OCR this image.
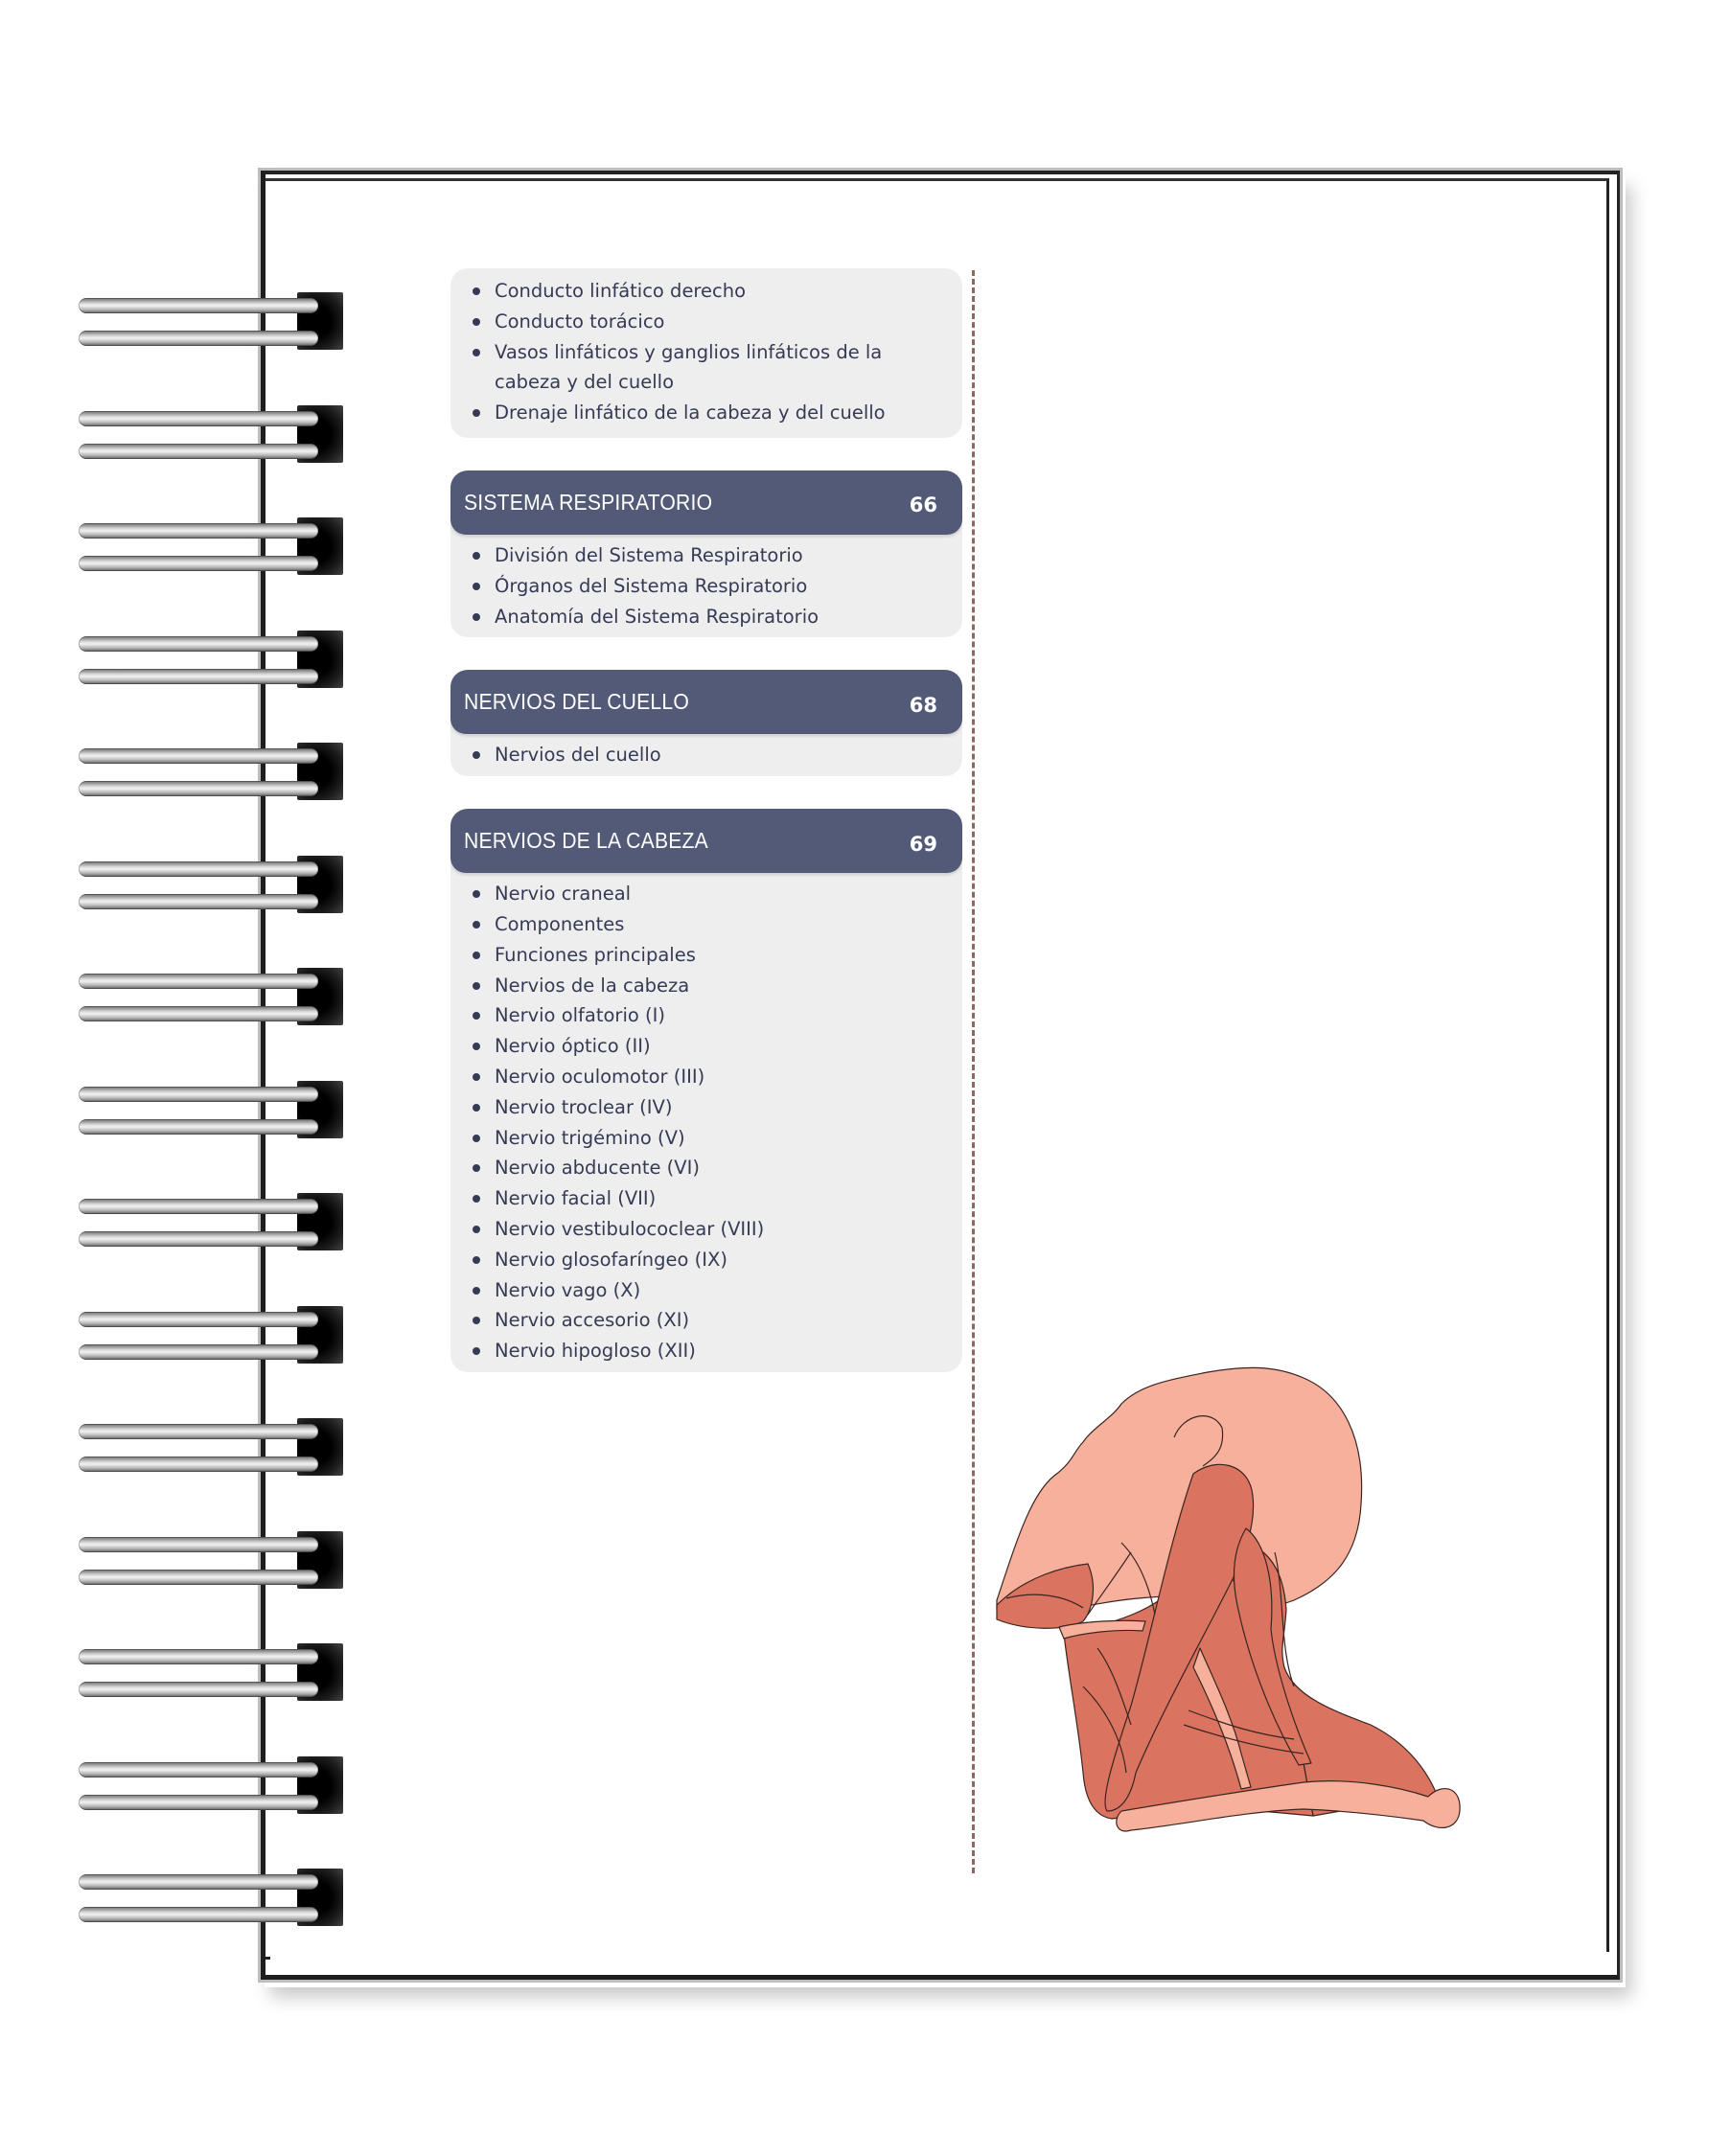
Conducto linfático derecho
Conducto torácico
Vasos linfáticos y ganglios linfáticos de la cabeza y del cuello
Drenaje linfático de la cabeza y del cuello
SISTEMA RESPIRATORIO	66
División del Sistema Respiratorio
Órganos del Sistema Respiratorio
Anatomía del Sistema Respiratorio
NERVIOS DEL CUELLO	68
Nervios del cuello
NERVIOS DE LA CABEZA	69
Nervio craneal
Componentes
Funciones principales
Nervios de la cabeza
Nervio olfatorio (I)
Nervio óptico (II)
Nervio oculomotor (III)
Nervio troclear (IV)
Nervio trigémino (V)
Nervio abducente (VI)
Nervio facial (VII)
Nervio vestibulococlear (VIII)
Nervio glosofaríngeo (IX)
Nervio vago (X)
Nervio accesorio (XI)
Nervio hipogloso (XII)
